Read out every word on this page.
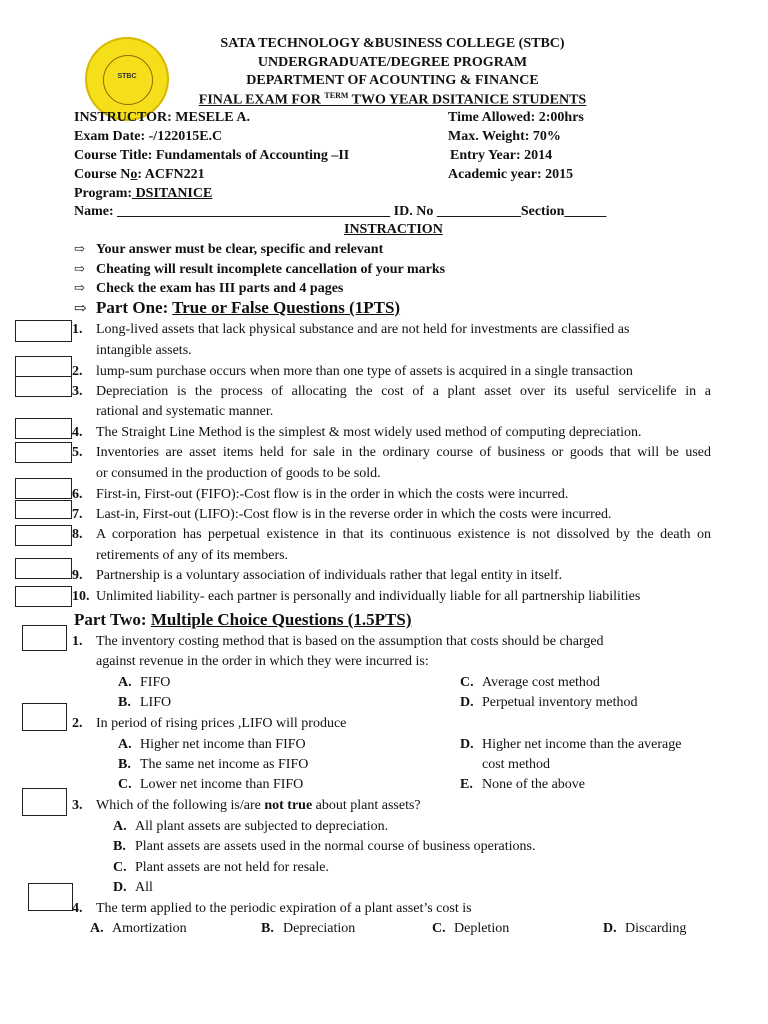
STBC
SATA TECHNOLOGY &BUSINESS COLLEGE (STBC)
UNDERGRADUATE/DEGREE PROGRAM
DEPARTMENT OF ACOUNTING & FINANCE
FINAL EXAM FOR $^{TERM}$ TWO YEAR DSITANICE STUDENTS
INSTRUCTOR: MESELE A.
Exam Date: -/122015E.C
Course Title: Fundamentals of Accounting –II
Course No: ACFN221
Program: DSITANICE
Time Allowed: 2:00hrs
Max. Weight: 70%
Entry Year: 2014
Academic year: 2015
Name: _______________________________________ ID. No ____________Section______
INSTRACTION
⇨ Your answer must be clear, specific and relevant
⇨ Cheating will result incomplete cancellation of your marks
⇨ Check the exam has III parts and 4 pages
⇨ Part One: True or False Questions (1PTS)
1. Long-lived assets that lack physical substance and are not held for investments are classified as
intangible assets.
2. lump-sum purchase occurs when more than one type of assets is acquired in a single transaction
3. Depreciation is the process of allocating the cost of a plant asset over its useful servicelife in a
rational and systematic manner.
4. The Straight Line Method is the simplest & most widely used method of computing depreciation.
5. Inventories are asset items held for sale in the ordinary course of business or goods that will be used
or consumed in the production of goods to be sold.
6. First-in, First-out (FIFO):-Cost flow is in the order in which the costs were incurred.
7. Last-in, First-out (LIFO):-Cost flow is in the reverse order in which the costs were incurred.
8. A corporation has perpetual existence in that its continuous existence is not dissolved by the death on
retirements of any of its members.
9. Partnership is a voluntary association of individuals rather that legal entity in itself.
10. Unlimited liability- each partner is personally and individually liable for all partnership liabilities
Part Two: Multiple Choice Questions (1.5PTS)
1. The inventory costing method that is based on the assumption that costs should be charged
against revenue in the order in which they were incurred is:
A. FIFO
B. LIFO
C. Average cost method
D. Perpetual inventory method
2. In period of rising prices ,LIFO will produce
A. Higher net income than FIFO
B. The same net income as FIFO
C. Lower net income than FIFO
D. Higher net income than the average
cost method
E. None of the above
3. Which of the following is/are not true about plant assets?
A. All plant assets are subjected to depreciation.
B. Plant assets are assets used in the normal course of business operations.
C. Plant assets are not held for resale.
D. All
4. The term applied to the periodic expiration of a plant asset’s cost is
A. Amortization	B. Depreciation	C. Depletion	D. Discarding
